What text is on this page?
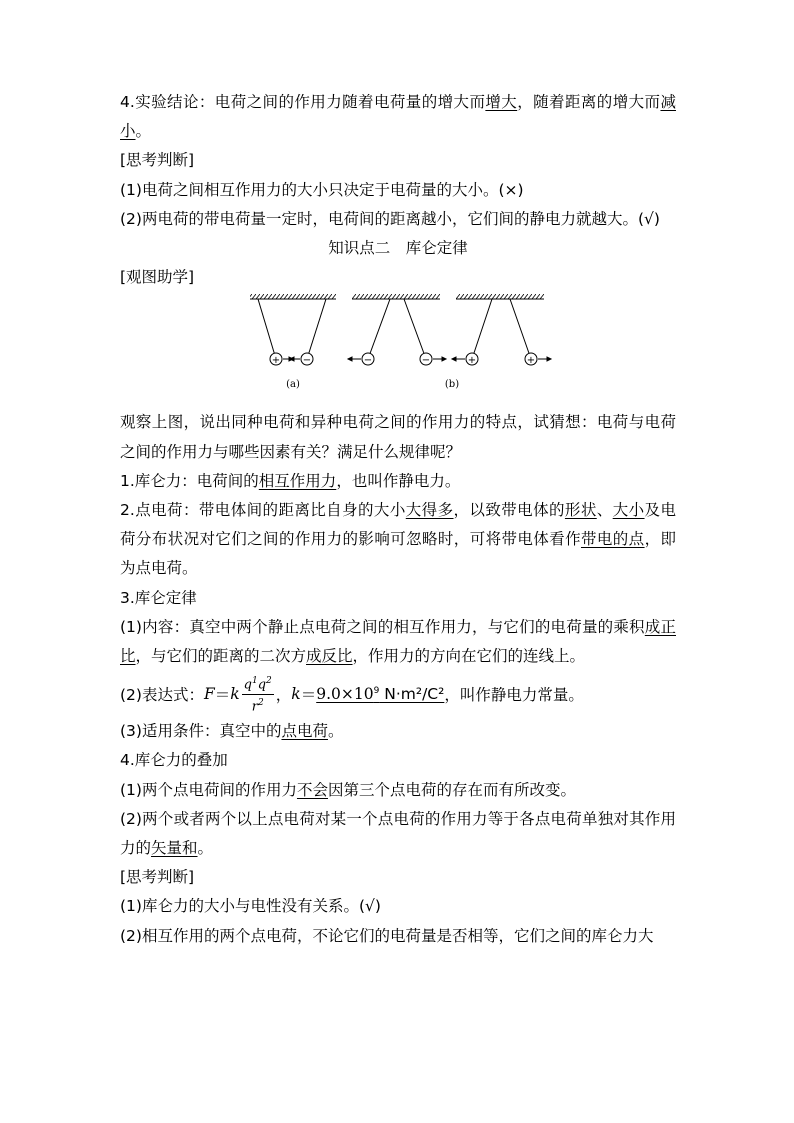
4.实验结论：电荷之间的作用力随着电荷量的增大而增大，随着距离的增大而减小。
[思考判断]
(1)电荷之间相互作用力的大小只决定于电荷量的大小。(×)
(2)两电荷的带电荷量一定时，电荷间的距离越小，它们间的静电力就越大。(√)
知识点二　库仑定律
[观图助学]
+ −	−	−	+	+
(a)	(b)
观察上图，说出同种电荷和异种电荷之间的作用力的特点，试猜想：电荷与电荷之间的作用力与哪些因素有关？满足什么规律呢？
1.库仑力：电荷间的相互作用力，也叫作静电力。
2.点电荷：带电体间的距离比自身的大小大得多，以致带电体的形状、大小及电荷分布状况对它们之间的作用力的影响可忽略时，可将带电体看作带电的点，即为点电荷。
3.库仑定律
(1)内容：真空中两个静止点电荷之间的相互作用力，与它们的电荷量的乘积成正比，与它们的距离的二次方成反比，作用力的方向在它们的连线上。
(2)表达式： F ＝ k $\frac{q^1q^2}{r^2}$ ， $k = 9.0\times 10^9$ N·m²/C² ，叫作静电力常量。
(3)适用条件：真空中的点电荷。
4.库仑力的叠加
(1)两个点电荷间的作用力不会因第三个点电荷的存在而有所改变。
(2)两个或者两个以上点电荷对某一个点电荷的作用力等于各点电荷单独对其作用力的矢量和。
[思考判断]
(1)库仑力的大小与电性没有关系。(√)
(2)相互作用的两个点电荷，不论它们的电荷量是否相等，它们之间的库仑力大
